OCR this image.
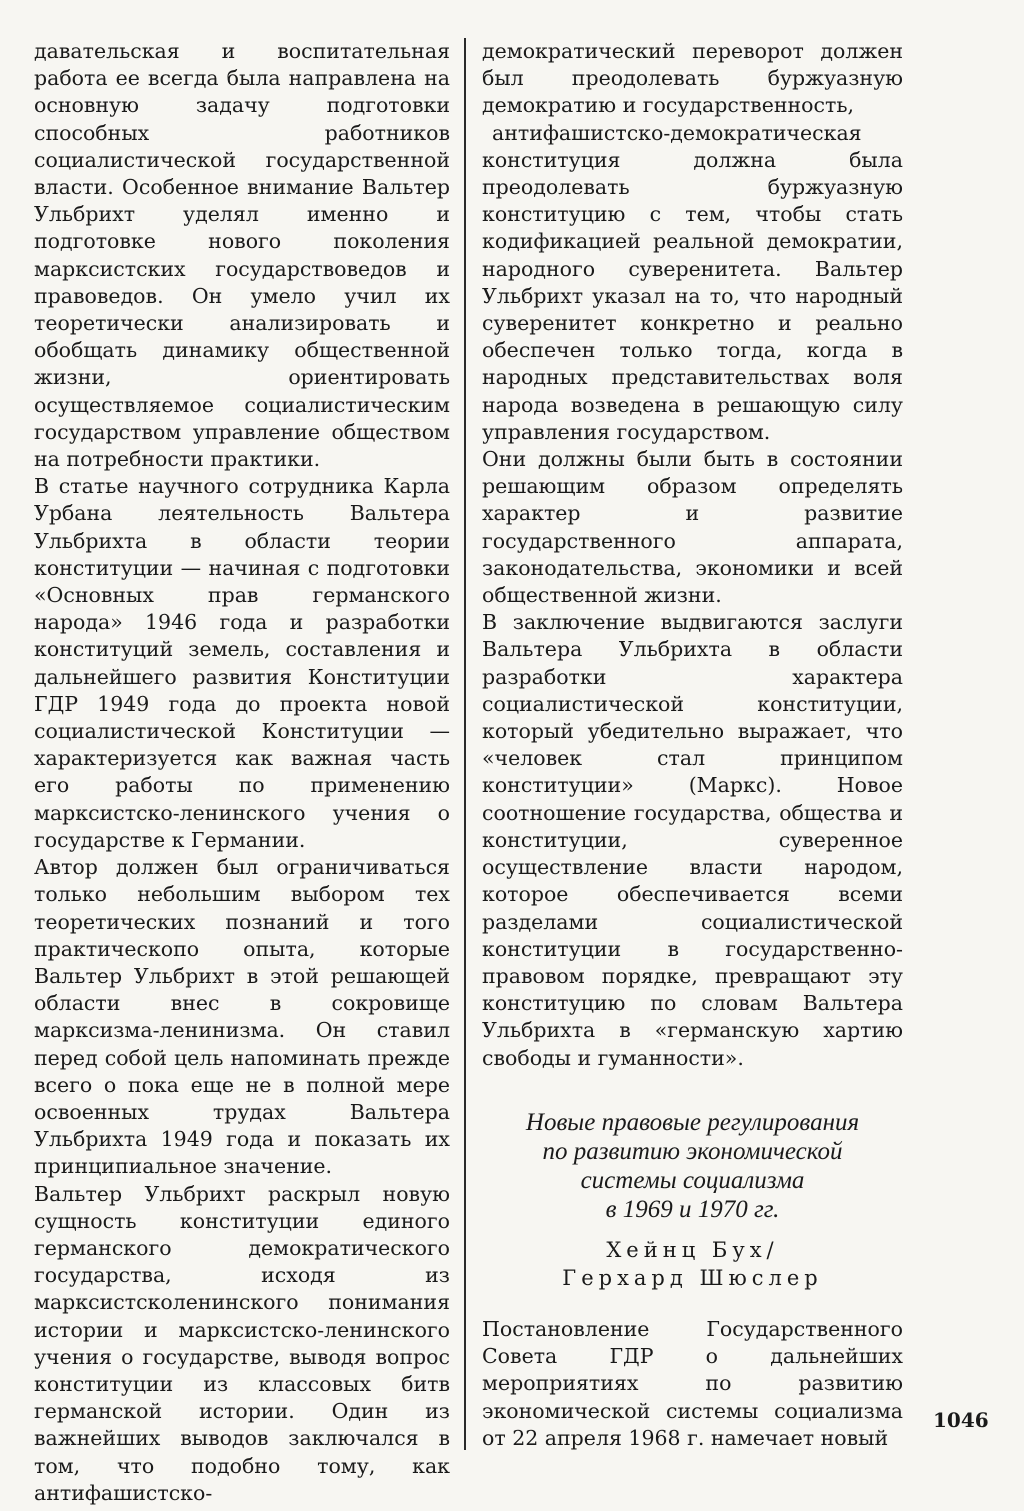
давательская и воспитательная работа ее всегда была направлена на основную задачу подготовки способных работников социалистической государственной власти. Особенное внимание Вальтер Ульбрихт уделял именно и подготовке нового поколения марксистских государствоведов и правоведов. Он умело учил их теоретически анализировать и обобщать динамику общественной жизни, ориентировать осуществляемое социалистическим государством управление обществом на потребности практики.

В статье научного сотрудника Карла Урбана леятельность Вальтера Ульбрихта в области теории конституции — начиная с подготовки «Основных прав германского народа» 1946 года и разработки конституций земель, составления и дальнейшего развития Конституции ГДР 1949 года до проекта новой социалистической Конституции — характеризуется как важная часть его работы по применению марксистско-ленинского учения о государстве к Германии.

Автор должен был ограничиваться только небольшим выбором тех теоретических познаний и того практическопо опыта, которые Вальтер Ульбрихт в этой решающей области внес в сокровище марксизма-ленинизма. Он ставил перед собой цель напоминать прежде всего о пока еще не в полной мере освоенных трудах Вальтера Ульбрихта 1949 года и показать их принципиальное значение.

Вальтер Ульбрихт раскрыл новую сущность конституции единого германского демократического государства, исходя из марксистсколенинского понимания истории и марксистско-ленинского учения о государстве, выводя вопрос конституции из классовых битв германской истории. Один из важнейших выводов заключался в том, что подобно тому, как антифашистско-

демократический переворот должен был преодолевать буржуазную демократию и государственность,

антифашистско-демократическая конституция должна была преодолевать буржуазную конституцию с тем, чтобы стать кодификацией реальной демократии, народного суверенитета. Вальтер Ульбрихт указал на то, что народный суверенитет конкретно и реально обеспечен только тогда, когда в народных представительствах воля народа возведена в решающую силу управления государством.

Они должны были быть в состоянии решающим образом определять характер и развитие государственного аппарата, законодательства, экономики и всей общественной жизни.

В заключение выдвигаются заслуги Вальтера Ульбрихта в области разработки характера социалистической конституции, который убедительно выражает, что «человек стал принципом конституции» (Маркс). Новое соотношение государства, общества и конституции, суверенное осуществление власти народом, которое обеспечивается всеми разделами социалистической конституции в государственно-правовом порядке, превращают эту конституцию по словам Вальтера Ульбрихта в «германскую хартию свободы и гуманности».

Новые правовые регулирования
по развитию экономической
системы социализма
в 1969 и 1970 гг.
Хейнц Бух/
Герхард Шюслер

Постановление Государственного Совета ГДР о дальнейших мероприятиях по развитию экономической системы социализма от 22 апреля 1968 г. намечает новый

1046
